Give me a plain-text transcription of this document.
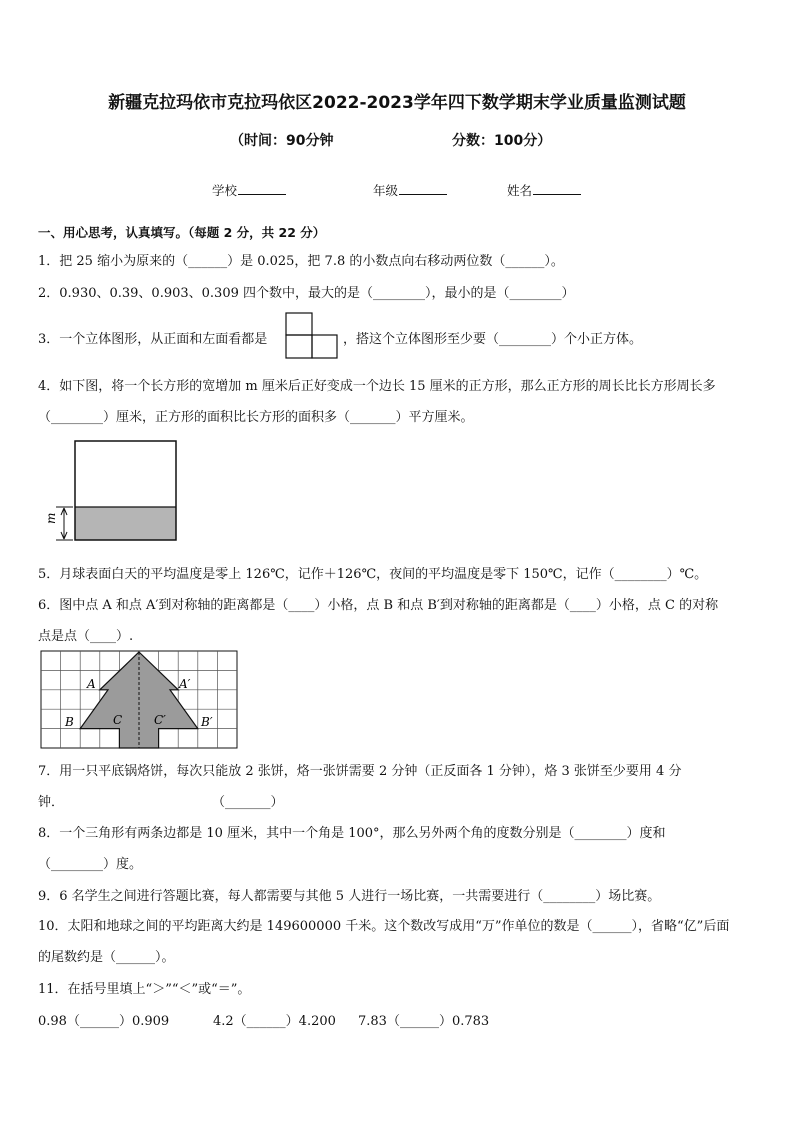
新疆克拉玛依市克拉玛依区2022-2023学年四下数学期末学业质量监测试题
（时间：90分钟	分数：100分）
学校	年级	姓名
一、用心思考，认真填写。（每题 2 分，共 22 分）
1．把 25 缩小为原来的（______）是 0.025，把 7.8 的小数点向右移动两位数（______）。
2．0.930、0.39、0.903、0.309 四个数中，最大的是（________），最小的是（________）
3．一个立体图形，从正面和左面看都是	，搭这个立体图形至少要（________）个小正方体。
4．如下图，将一个长方形的宽增加 m 厘米后正好变成一个边长 15 厘米的正方形，那么正方形的周长比长方形周长多
（________）厘米，正方形的面积比长方形的面积多（_______）平方厘米。
m
5．月球表面白天的平均温度是零上 126℃，记作＋126℃，夜间的平均温度是零下 150℃，记作（________）℃。
6．图中点 A 和点 A′到对称轴的距离都是（____）小格，点 B 和点 B′到对称轴的距离都是（____）小格，点 C 的对称
点是点（____）.
A	A′
B	B′
C	C′
7．用一只平底锅烙饼，每次只能放 2 张饼，烙一张饼需要 2 分钟（正反面各 1 分钟），烙 3 张饼至少要用 4 分
钟．	（_______）
8．一个三角形有两条边都是 10 厘米，其中一个角是 100°，那么另外两个角的度数分别是（________）度和
（________）度。
9．6 名学生之间进行答题比赛，每人都需要与其他 5 人进行一场比赛，一共需要进行（________）场比赛。
10．太阳和地球之间的平均距离大约是 149600000 千米。这个数改写成用“万”作单位的数是（______），省略“亿”后面
的尾数约是（______）。
11．在括号里填上“＞”“＜”或“＝”。
0.98（______）0.909	4.2（______）4.200 7.83（______）0.783
